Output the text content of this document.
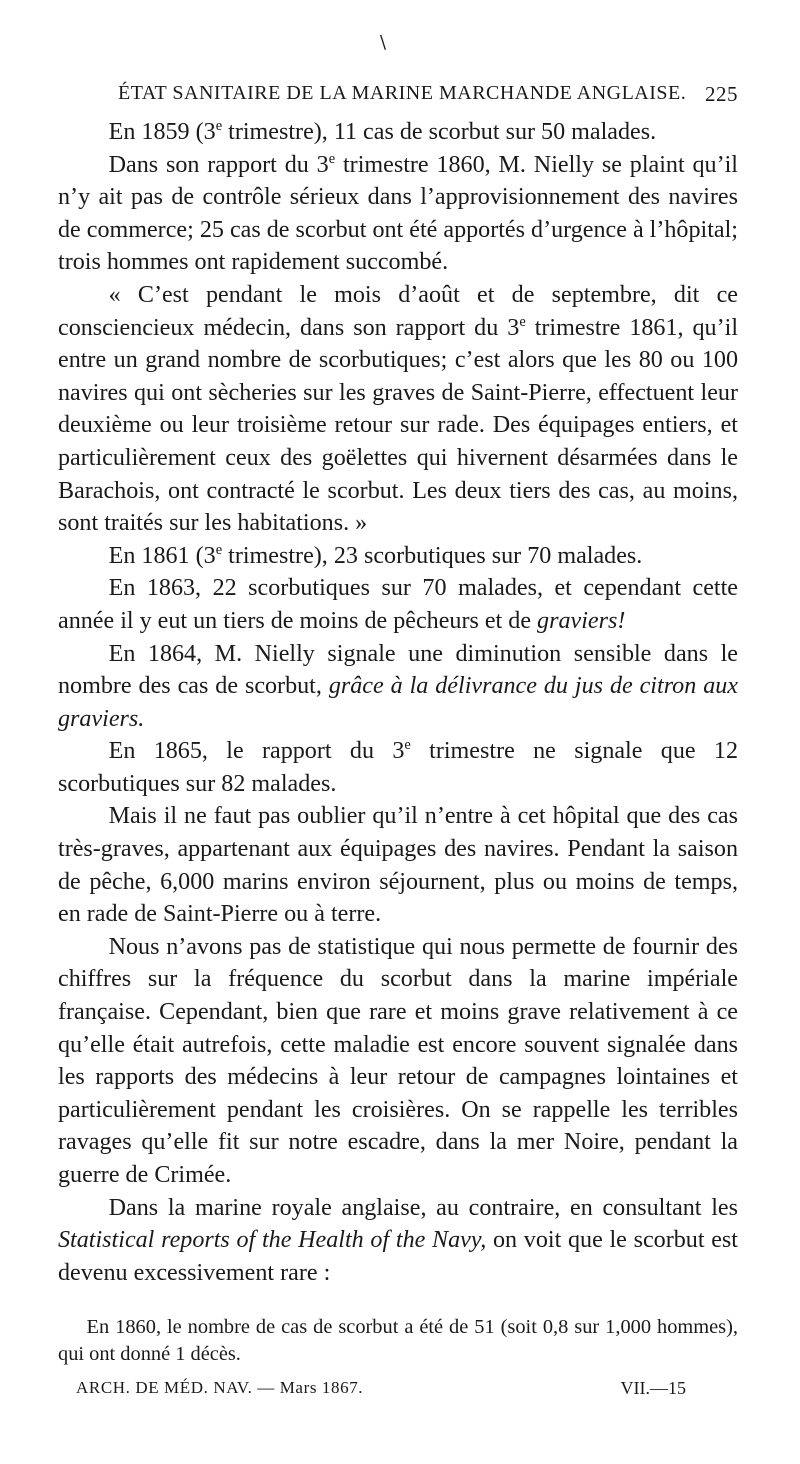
\
ÉTAT SANITAIRE DE LA MARINE MARCHANDE ANGLAISE. 225

En 1859 (3e trimestre), 11 cas de scorbut sur 50 malades.

Dans son rapport du 3e trimestre 1860, M. Nielly se plaint qu’il n’y ait pas de contrôle sérieux dans l’approvisionnement des navires de commerce; 25 cas de scorbut ont été apportés d’urgence à l’hôpital; trois hommes ont rapidement succombé.

« C’est pendant le mois d’août et de septembre, dit ce consciencieux médecin, dans son rapport du 3e trimestre 1861, qu’il entre un grand nombre de scorbutiques; c’est alors que les 80 ou 100 navires qui ont sècheries sur les graves de Saint-Pierre, effectuent leur deuxième ou leur troisième retour sur rade. Des équipages entiers, et particulièrement ceux des goëlettes qui hivernent désarmées dans le Barachois, ont contracté le scorbut. Les deux tiers des cas, au moins, sont traités sur les habitations. »

En 1861 (3e trimestre), 23 scorbutiques sur 70 malades.

En 1863, 22 scorbutiques sur 70 malades, et cependant cette année il y eut un tiers de moins de pêcheurs et de graviers!

En 1864, M. Nielly signale une diminution sensible dans le nombre des cas de scorbut, grâce à la délivrance du jus de citron aux graviers.

En 1865, le rapport du 3e trimestre ne signale que 12 scorbutiques sur 82 malades.

Mais il ne faut pas oublier qu’il n’entre à cet hôpital que des cas très-graves, appartenant aux équipages des navires. Pendant la saison de pêche, 6,000 marins environ séjournent, plus ou moins de temps, en rade de Saint-Pierre ou à terre.

Nous n’avons pas de statistique qui nous permette de fournir des chiffres sur la fréquence du scorbut dans la marine impériale française. Cependant, bien que rare et moins grave relativement à ce qu’elle était autrefois, cette maladie est encore souvent signalée dans les rapports des médecins à leur retour de campagnes lointaines et particulièrement pendant les croisières. On se rappelle les terribles ravages qu’elle fit sur notre escadre, dans la mer Noire, pendant la guerre de Crimée.

Dans la marine royale anglaise, au contraire, en consultant les Statistical reports of the Health of the Navy, on voit que le scorbut est devenu excessivement rare :

En 1860, le nombre de cas de scorbut a été de 51 (soit 0,8 sur 1,000 hommes), qui ont donné 1 décès.
ARCH. DE MÉD. NAV. — Mars 1867.	VII.—15
